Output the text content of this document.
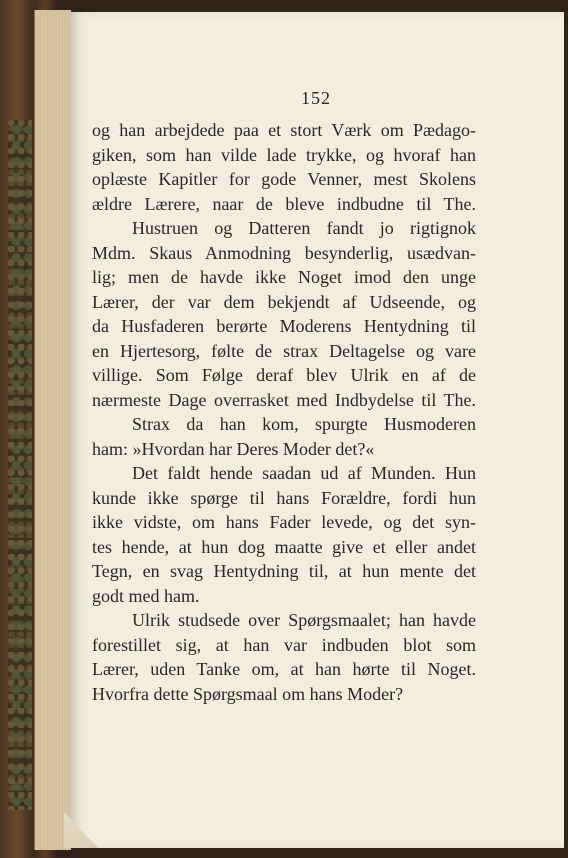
152
og han arbejdede paa et stort Værk om Pædago-
giken, som han vilde lade trykke, og hvoraf han
oplæste Kapitler for gode Venner, mest Skolens
ældre Lærere, naar de bleve indbudne til The.
Hustruen og Datteren fandt jo rigtignok
Mdm. Skaus Anmodning besynderlig, usædvan-
lig; men de havde ikke Noget imod den unge
Lærer, der var dem bekjendt af Udseende, og
da Husfaderen berørte Moderens Hentydning til
en Hjertesorg, følte de strax Deltagelse og vare
villige. Som Følge deraf blev Ulrik en af de
nærmeste Dage overrasket med Indbydelse til The.
Strax da han kom, spurgte Husmoderen
ham: »Hvordan har Deres Moder det?«
Det faldt hende saadan ud af Munden. Hun
kunde ikke spørge til hans Forældre, fordi hun
ikke vidste, om hans Fader levede, og det syn-
tes hende, at hun dog maatte give et eller andet
Tegn, en svag Hentydning til, at hun mente det
godt med ham.
Ulrik studsede over Spørgsmaalet; han havde
forestillet sig, at han var indbuden blot som
Lærer, uden Tanke om, at han hørte til Noget.
Hvorfra dette Spørgsmaal om hans Moder?
